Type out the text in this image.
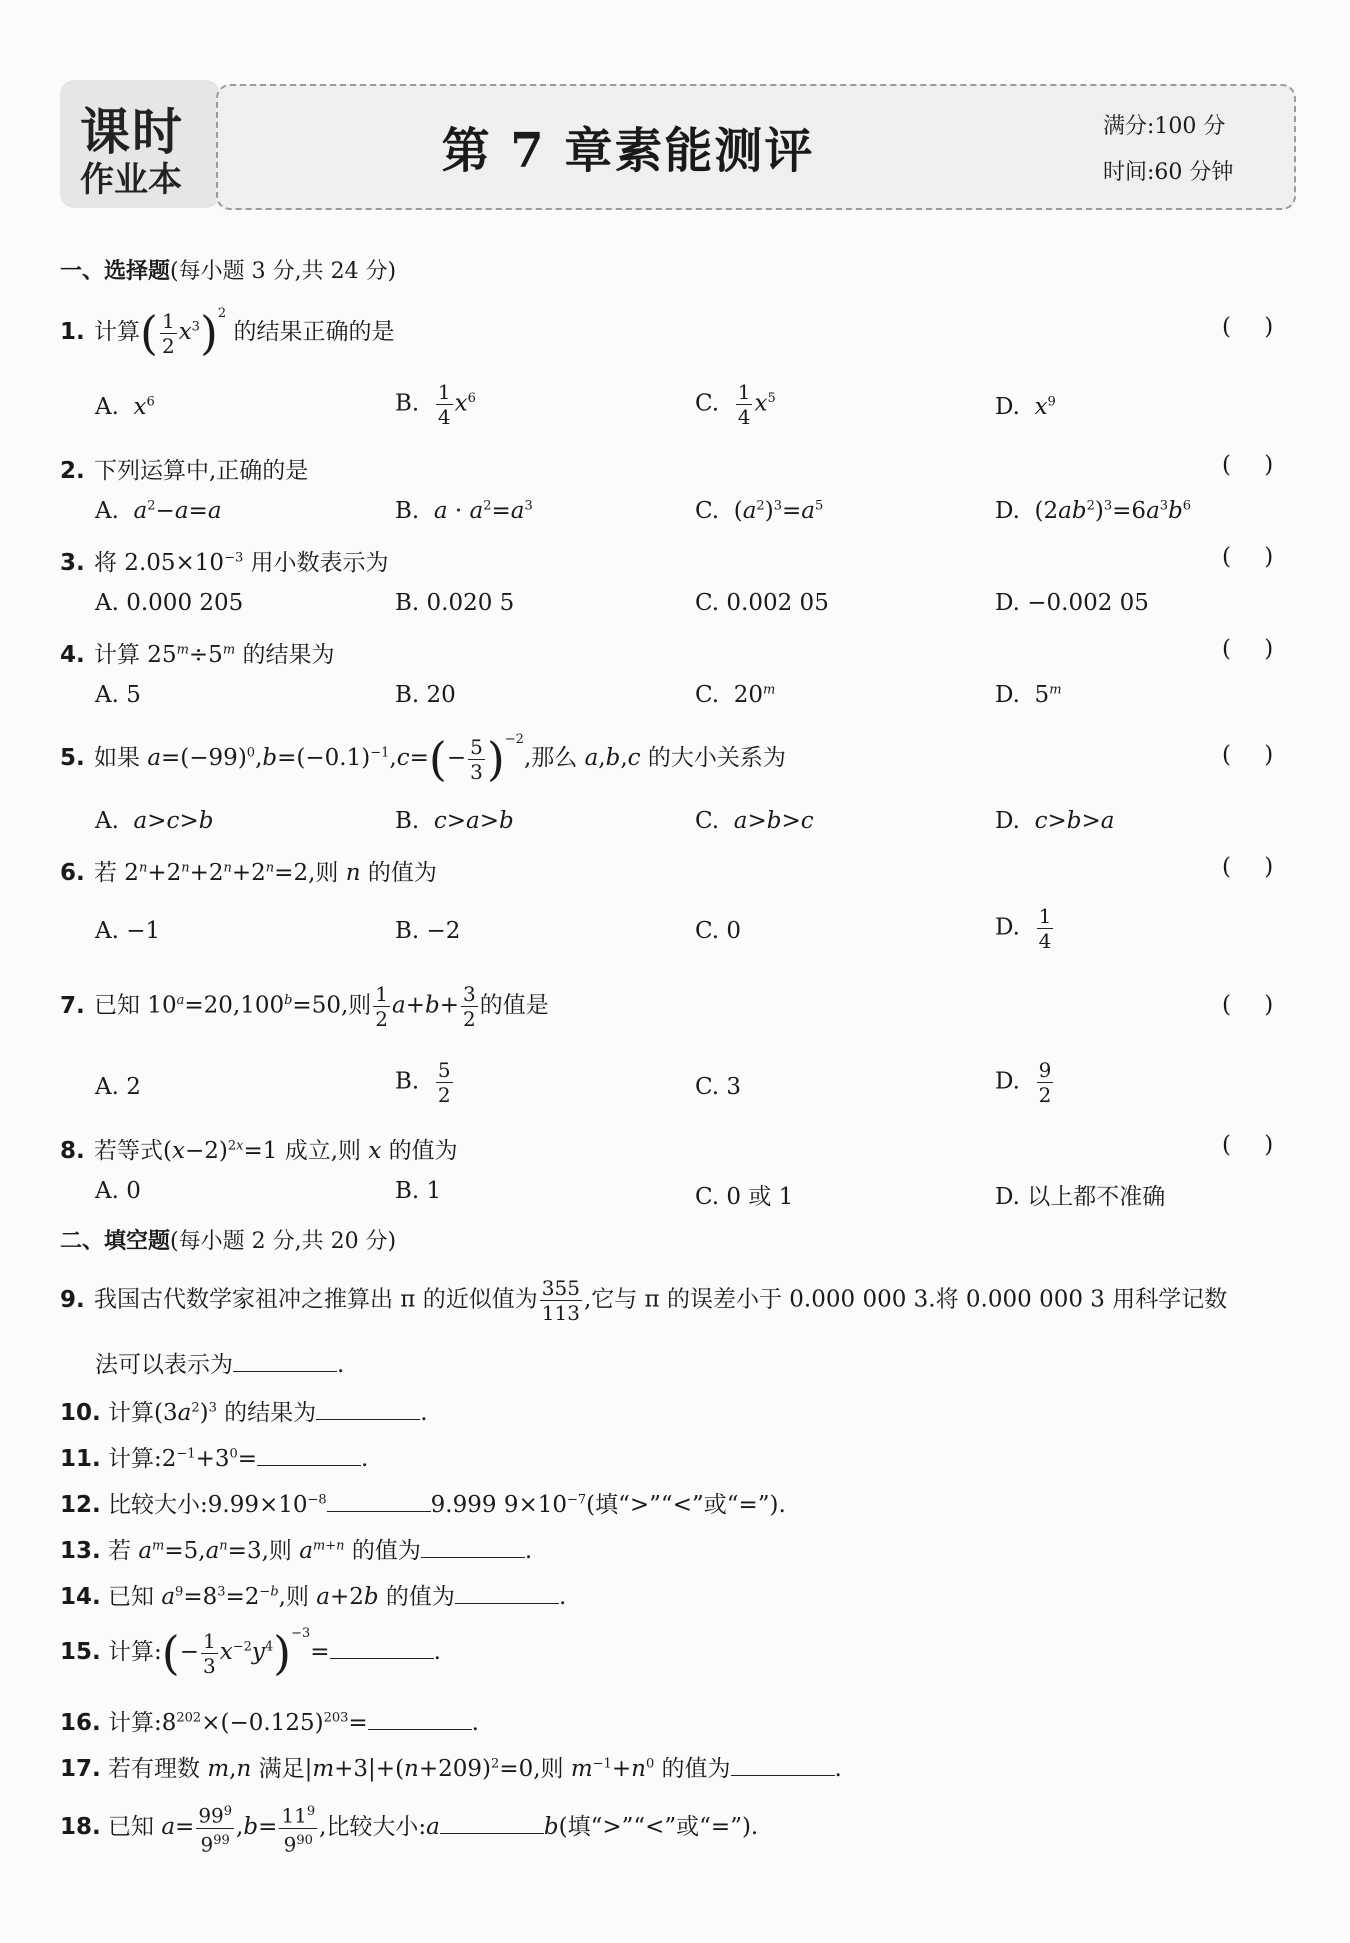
课时
作业本
第 7 章素能测评	满分:100 分
时间:60 分钟
一、选择题(每小题 3 分,共 24 分)
1. 计算( $\frac{1}{2} x^3)^2$ 的结果正确的是	( )
A. $x^6$	B. $\frac{1}{4} x^6$	C. $\frac{1}{4} x^5$	D. $x^9$
2. 下列运算中,正确的是	( )
A. $a^2-a=a$	B. $a \cdot a^2=a^3$	C.  $(a^2)^3=a^5$	D.  $(2ab^2)^3=6a^3b^6$
3. 将 $2.05\times 10^{-3}$ 用小数表示为	( )
A. 0.000 205	B. 0.020 5	C. 0.002 05	D. −0.002 05
4. 计算 $25^m\div 5^m$ 的结果为	( )
A. 5	B. 20	C.  20$^m$	D.  5$^m$
5. 如果 $a=(-99)^0,b=(-0.1)^{-1},c=(- \frac{5}{3} )^{-2}$,那么 a,b,c 的大小关系为	( )
A. a>c>b	B. c>a>b	C. a>b>c	D. c>b>a
6. 若 $2^n+2^n+2^n+2^n=2$,则 n 的值为	( )
A. −1	B. −2	C. 0	D. $\frac{1}{4}$
7. 已知 $10^a=20,100^b=50$,则 $\frac{1}{2} a+b+ \frac{3}{2}$ 的值是	( )
A. 2	B. $\frac{5}{2}$	C. 3	D. $\frac{9}{2}$
8. 若等式$(x-2)^{2x}=1$ 成立,则 x 的值为	( )
A. 0	B. 1	C. 0 或 1	D. 以上都不准确
二、填空题(每小题 2 分,共 20 分)
9. 我国古代数学家祖冲之推算出 π 的近似值为 $\frac{355}{113}$ ,它与 π 的误差小于 0.000 000 3.将 0.000 000 3 用科学记数
法可以表示为	.
10. 计算$(3a^2)^3$ 的结果为	.
11. 计算$:2^{-1}+3^0=$	.
12. 比较大小$:9.99\times 10^{-8}$	9.999 $9\times 10^{-7}$(填“>”“<”或“=”).
13. 若 $a^m=5,a^n=3$,则 $a^{m+n}$ 的值为	.
14. 已知 $a^9=8^3=2^{-b}$,则 a+2b 的值为	.
15. 计算:(− $\frac{1}{3} x^{-2}y^4)^{-3}=$	.
16. 计算$:8^{202}\times(-0.125)^{203}=$	.
17. 若有理数 m,n 满足$|m+3|+(n+209)^2=0$,则 $m^{-1}+n^0$ 的值为	.
18. 已知 $a= \frac{99^9}{9^{99}} ,b= \frac{11^9}{9^{90}}$ ,比较大小:a	b(填“>”“<”或“=”).
